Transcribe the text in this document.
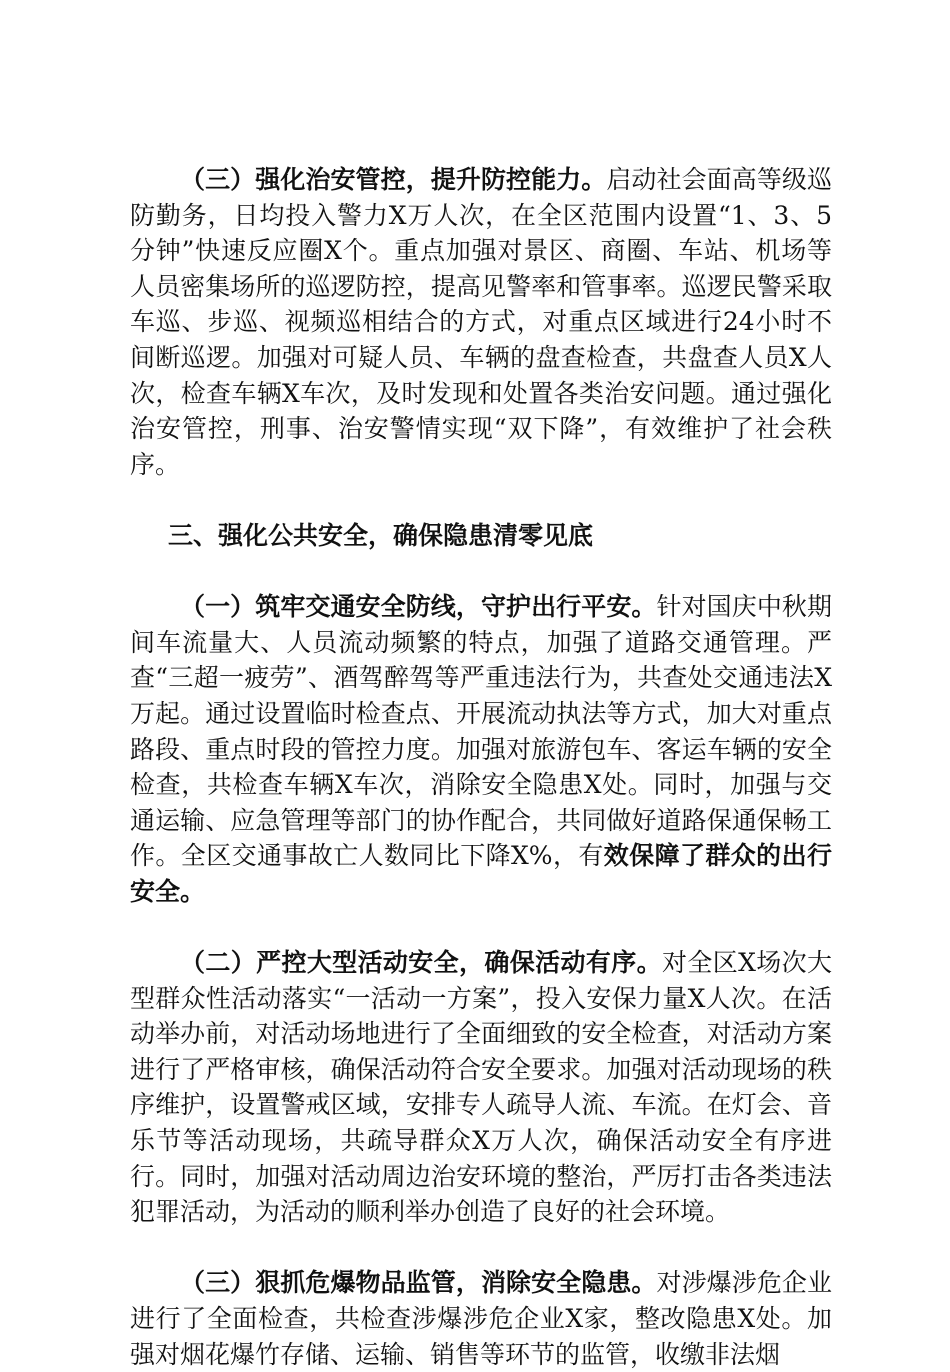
（三）强化治安管控，提升防控能力。启动社会面高等级巡防勤务，日均投入警力X万人次，在全区范围内设置“1、3、5分钟”快速反应圈X个。重点加强对景区、商圈、车站、机场等人员密集场所的巡逻防控，提高见警率和管事率。巡逻民警采取车巡、步巡、视频巡相结合的方式，对重点区域进行24小时不间断巡逻。加强对可疑人员、车辆的盘查检查，共盘查人员X人次，检查车辆X车次，及时发现和处置各类治安问题。通过强化治安管控，刑事、治安警情实现“双下降”，有效维护了社会秩序。

三、强化公共安全，确保隐患清零见底

（一）筑牢交通安全防线，守护出行平安。针对国庆中秋期间车流量大、人员流动频繁的特点，加强了道路交通管理。严查“三超一疲劳”、酒驾醉驾等严重违法行为，共查处交通违法X万起。通过设置临时检查点、开展流动执法等方式，加大对重点路段、重点时段的管控力度。加强对旅游包车、客运车辆的安全检查，共检查车辆X车次，消除安全隐患X处。同时，加强与交通运输、应急管理等部门的协作配合，共同做好道路保通保畅工作。全区交通事故亡人数同比下降X%，有效保障了群众的出行安全。

（二）严控大型活动安全，确保活动有序。对全区X场次大型群众性活动落实“一活动一方案”，投入安保力量X人次。在活动举办前，对活动场地进行了全面细致的安全检查，对活动方案进行了严格审核，确保活动符合安全要求。加强对活动现场的秩序维护，设置警戒区域，安排专人疏导人流、车流。在灯会、音乐节等活动现场，共疏导群众X万人次，确保活动安全有序进行。同时，加强对活动周边治安环境的整治，严厉打击各类违法犯罪活动，为活动的顺利举办创造了良好的社会环境。

（三）狠抓危爆物品监管，消除安全隐患。对涉爆涉危企业进行了全面检查，共检查涉爆涉危企业X家，整改隐患X处。加强对烟花爆竹存储、运输、销售等环节的监管，收缴非法烟
